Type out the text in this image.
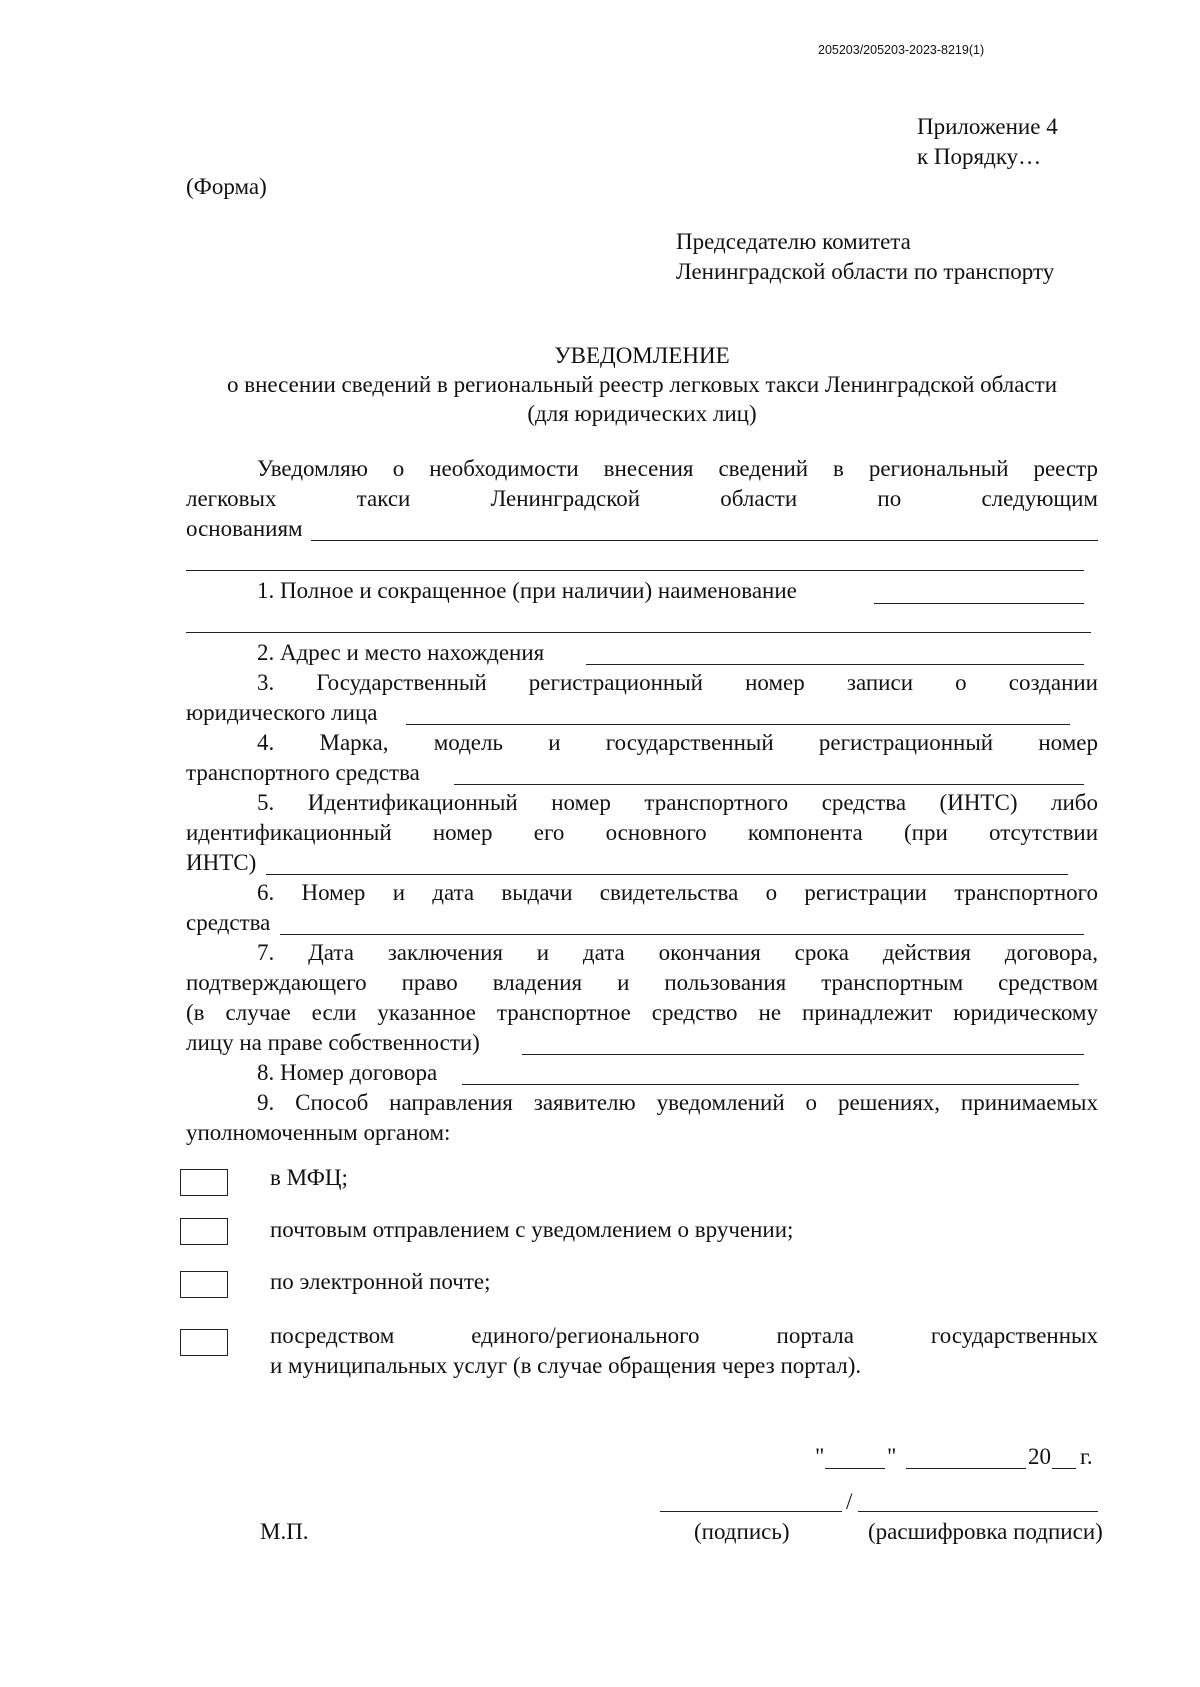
205203/205203-2023-8219(1)
Приложение 4
к Порядку…
(Форма)
Председателю комитета
Ленинградской области по транспорту
УВЕДОМЛЕНИЕ
о внесении сведений в региональный реестр легковых такси Ленинградской области
(для юридических лиц)
Уведомляю о необходимости внесения сведений в региональный реестр
легковых такси Ленинградской области по следующим
основаниям
1. Полное и сокращенное (при наличии) наименование
2. Адрес и место нахождения
3. Государственный регистрационный номер записи о создании
юридического лица
4. Марка, модель и государственный регистрационный номер
транспортного средства
5. Идентификационный номер транспортного средства (ИНТС) либо
идентификационный номер его основного компонента (при отсутствии
ИНТС)
6. Номер и дата выдачи свидетельства о регистрации транспортного
средства
7. Дата заключения и дата окончания срока действия договора,
подтверждающего право владения и пользования транспортным средством
(в случае если указанное транспортное средство не принадлежит юридическому
лицу на праве собственности)
8. Номер договора
9. Способ направления заявителю уведомлений о решениях, принимаемых
уполномоченным органом:
в МФЦ;
почтовым отправлением с уведомлением о вручении;
по электронной почте;
посредством единого/регионального портала государственных
и муниципальных услуг (в случае обращения через портал).
"	"	20 г.
/
М.П.	(подпись)	(расшифровка подписи)
